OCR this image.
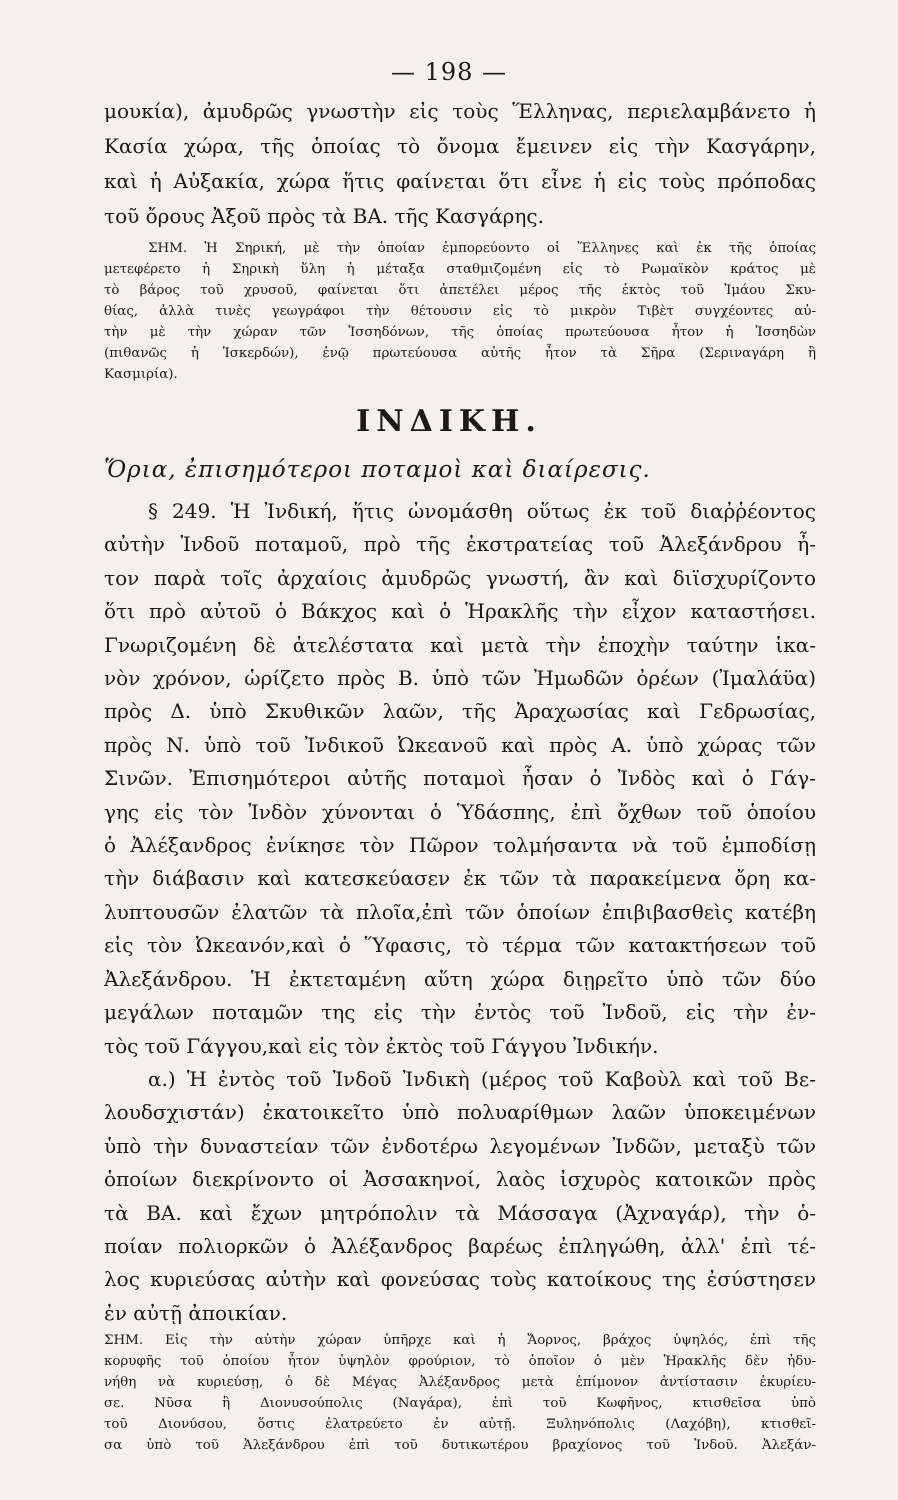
— 198 —
μουκία), ἀμυδρῶς γνωστὴν εἰς τοὺς Ἕλληνας, περιελαμβάνετο ἡ
Κασία χώρα, τῆς ὁποίας τὸ ὄνομα ἔμεινεν εἰς τὴν Κασγάρην,
καὶ ἡ Αὐξακία, χώρα ἥτις φαίνεται ὅτι εἶνε ἡ εἰς τοὺς πρόποδας
τοῦ ὄρους Ἀξοῦ πρὸς τὰ ΒΑ. τῆς Κασγάρης.
ΣΗΜ. Ἡ Σηρική, μὲ τὴν ὁποίαν ἐμπορεύοντο οἱ Ἕλληνες καὶ ἐκ τῆς ὁποίας
μετεφέρετο ἡ Σηρικὴ ὕλη ἡ μέταξα σταθμιζομένη εἰς τὸ Ρωμαϊκὸν κράτος μὲ
τὸ βάρος τοῦ χρυσοῦ, φαίνεται ὅτι ἀπετέλει μέρος τῆς ἐκτὸς τοῦ Ἰμάου Σκυ-
θίας, ἀλλὰ τινὲς γεωγράφοι τὴν θέτουσιν εἰς τὸ μικρὸν Τιβὲτ συγχέοντες αὐ-
τὴν μὲ τὴν χώραν τῶν Ἰσσηδόνων, τῆς ὁποίας πρωτεύουσα ἦτον ἡ Ἰσσηδὼν
(πιθανῶς ἡ Ἰσκερδών), ἐνῷ πρωτεύουσα αὐτῆς ἦτον τὰ Σῆρα (Σεριναγάρη ἢ
Κασμιρία).
ΙΝΔΙΚΗ.
Ὅρια, ἐπισημότεροι ποταμοὶ καὶ διαίρεσις.
§ 249. Ἡ Ἰνδική, ἥτις ὠνομάσθη οὕτως ἐκ τοῦ διαῤῥέοντος
αὐτὴν Ἰνδοῦ ποταμοῦ, πρὸ τῆς ἐκστρατείας τοῦ Ἀλεξάνδρου ἦ-
τον παρὰ τοῖς ἀρχαίοις ἀμυδρῶς γνωστή, ἂν καὶ διϊσχυρίζοντο
ὅτι πρὸ αὐτοῦ ὁ Βάκχος καὶ ὁ Ἡρακλῆς τὴν εἶχον καταστήσει.
Γνωριζομένη δὲ ἀτελέστατα καὶ μετὰ τὴν ἐποχὴν ταύτην ἱκα-
νὸν χρόνον, ὡρίζετο πρὸς Β. ὑπὸ τῶν Ἠμωδῶν ὀρέων (Ἰμαλάϋα)
πρὸς Δ. ὑπὸ Σκυθικῶν λαῶν, τῆς Ἀραχωσίας καὶ Γεδρωσίας,
πρὸς Ν. ὑπὸ τοῦ Ἰνδικοῦ Ὠκεανοῦ καὶ πρὸς Α. ὑπὸ χώρας τῶν
Σινῶν. Ἐπισημότεροι αὐτῆς ποταμοὶ ἦσαν ὁ Ἰνδὸς καὶ ὁ Γάγ-
γης εἰς τὸν Ἰνδὸν χύνονται ὁ Ὑδάσπης, ἐπὶ ὄχθων τοῦ ὁποίου
ὁ Ἀλέξανδρος ἐνίκησε τὸν Πῶρον τολμήσαντα νὰ τοῦ ἐμποδίσῃ
τὴν διάβασιν καὶ κατεσκεύασεν ἐκ τῶν τὰ παρακείμενα ὄρη κα-
λυπτουσῶν ἐλατῶν τὰ πλοῖα,ἐπὶ τῶν ὁποίων ἐπιβιβασθεὶς κατέβη
εἰς τὸν Ὠκεανόν,καὶ ὁ Ὕφασις, τὸ τέρμα τῶν κατακτήσεων τοῦ
Ἀλεξάνδρου. Ἡ ἐκτεταμένη αὕτη χώρα διῃρεῖτο ὑπὸ τῶν δύο
μεγάλων ποταμῶν της εἰς τὴν ἐντὸς τοῦ Ἰνδοῦ, εἰς τὴν ἐν-
τὸς τοῦ Γάγγου,καὶ εἰς τὸν ἐκτὸς τοῦ Γάγγου Ἰνδικήν.
α.) Ἡ ἐντὸς τοῦ Ἰνδοῦ Ἰνδικὴ (μέρος τοῦ Καβοὺλ καὶ τοῦ Βε-
λουδσχιστάν) ἐκατοικεῖτο ὑπὸ πολυαρίθμων λαῶν ὑποκειμένων
ὑπὸ τὴν δυναστείαν τῶν ἐνδοτέρω λεγομένων Ἰνδῶν, μεταξὺ τῶν
ὁποίων διεκρίνοντο οἱ Ἀσσακηνοί, λαὸς ἰσχυρὸς κατοικῶν πρὸς
τὰ ΒΑ. καὶ ἔχων μητρόπολιν τὰ Μάσσαγα (Ἀχναγάρ), τὴν ὁ-
ποίαν πολιορκῶν ὁ Ἀλέξανδρος βαρέως ἐπληγώθη, ἀλλ' ἐπὶ τέ-
λος κυριεύσας αὐτὴν καὶ φονεύσας τοὺς κατοίκους της ἐσύστησεν
ἐν αὐτῇ ἀποικίαν.
ΣΗΜ. Εἰς τὴν αὐτὴν χώραν ὑπῆρχε καὶ ἡ Ἄορνος, βράχος ὑψηλός, ἐπὶ τῆς
κορυφῆς τοῦ ὁποίου ἦτον ὑψηλὸν φρούριον, τὸ ὁποῖον ὁ μὲν Ἡρακλῆς δὲν ἠδυ-
νήθη νὰ κυριεύσῃ, ὁ δὲ Μέγας Ἀλέξανδρος μετὰ ἐπίμονον ἀντίστασιν ἐκυρίευ-
σε. Νῦσα ἢ Διονυσούπολις (Ναγάρα), ἐπὶ τοῦ Κωφῆνος, κτισθεῖσα ὑπὸ
τοῦ Διονύσου, ὅστις ἐλατρεύετο ἐν αὐτῇ. Ξυληνόπολις (Λαχόβη), κτισθεῖ-
σα ὑπὸ τοῦ Ἀλεξάνδρου ἐπὶ τοῦ δυτικωτέρου βραχίονος τοῦ Ἰνδοῦ. Ἀλεξάν-
